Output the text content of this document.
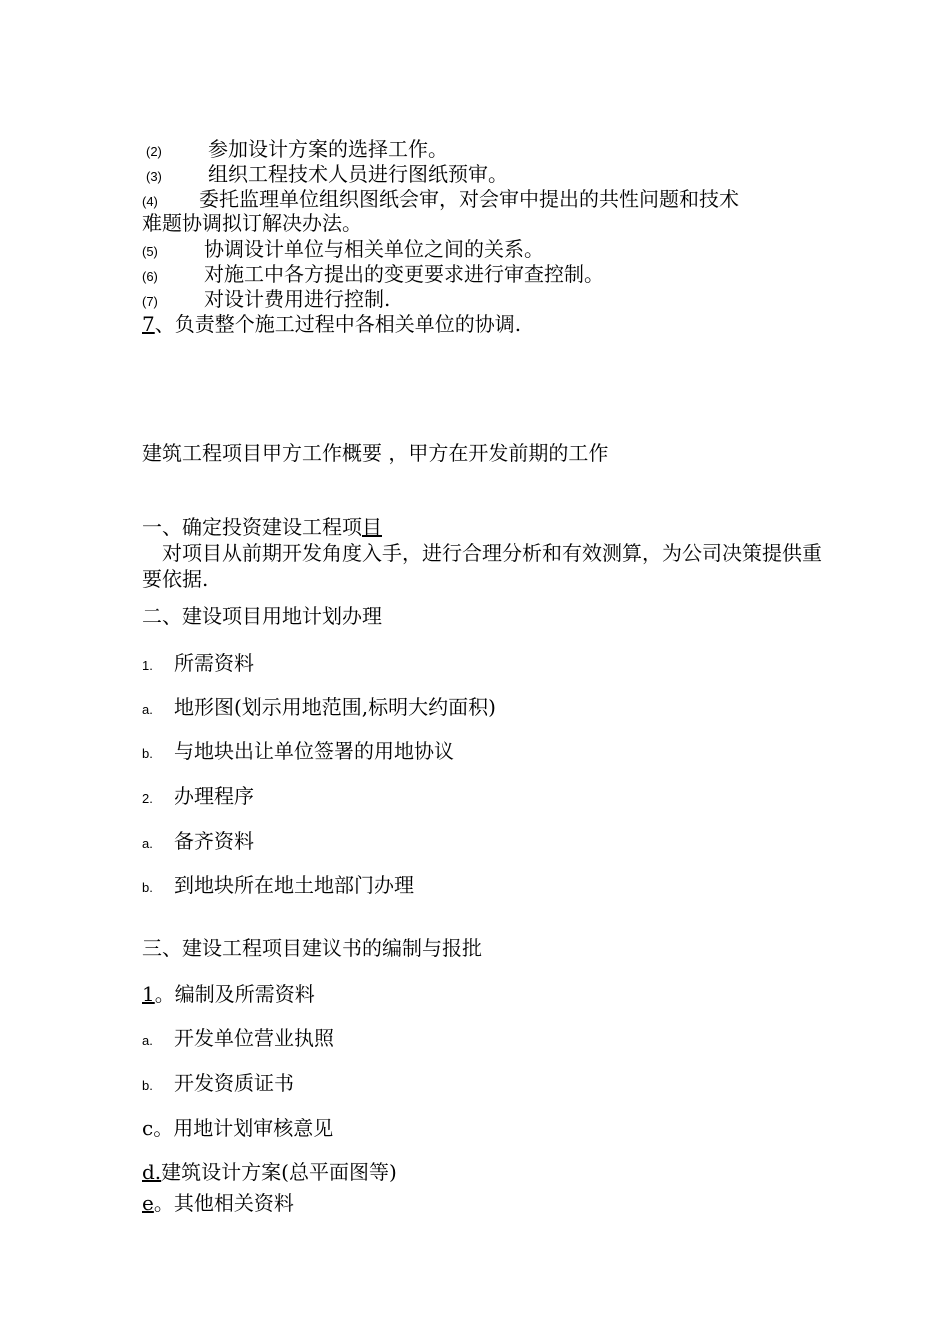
(2) 参加设计方案的选择工作。
(3) 组织工程技术人员进行图纸预审。
(4) 委托监理单位组织图纸会审，对会审中提出的共性问题和技术
难题协调拟订解决办法。
(5) 协调设计单位与相关单位之间的关系。
(6) 对施工中各方提出的变更要求进行审查控制。
(7) 对设计费用进行控制.
7、负责整个施工过程中各相关单位的协调.
建筑工程项目甲方工作概要 ，甲方在开发前期的工作
一、确定投资建设工程项目
对项目从前期开发角度入手，进行合理分析和有效测算，为公司决策提供重要依据.
二、建设项目用地计划办理
1. 所需资料
a. 地形图(划示用地范围,标明大约面积)
b. 与地块出让单位签署的用地协议
2. 办理程序
a. 备齐资料
b. 到地块所在地土地部门办理
三、建设工程项目建议书的编制与报批
1。编制及所需资料
a. 开发单位营业执照
b. 开发资质证书
c。用地计划审核意见
d.建筑设计方案(总平面图等)
e。其他相关资料
